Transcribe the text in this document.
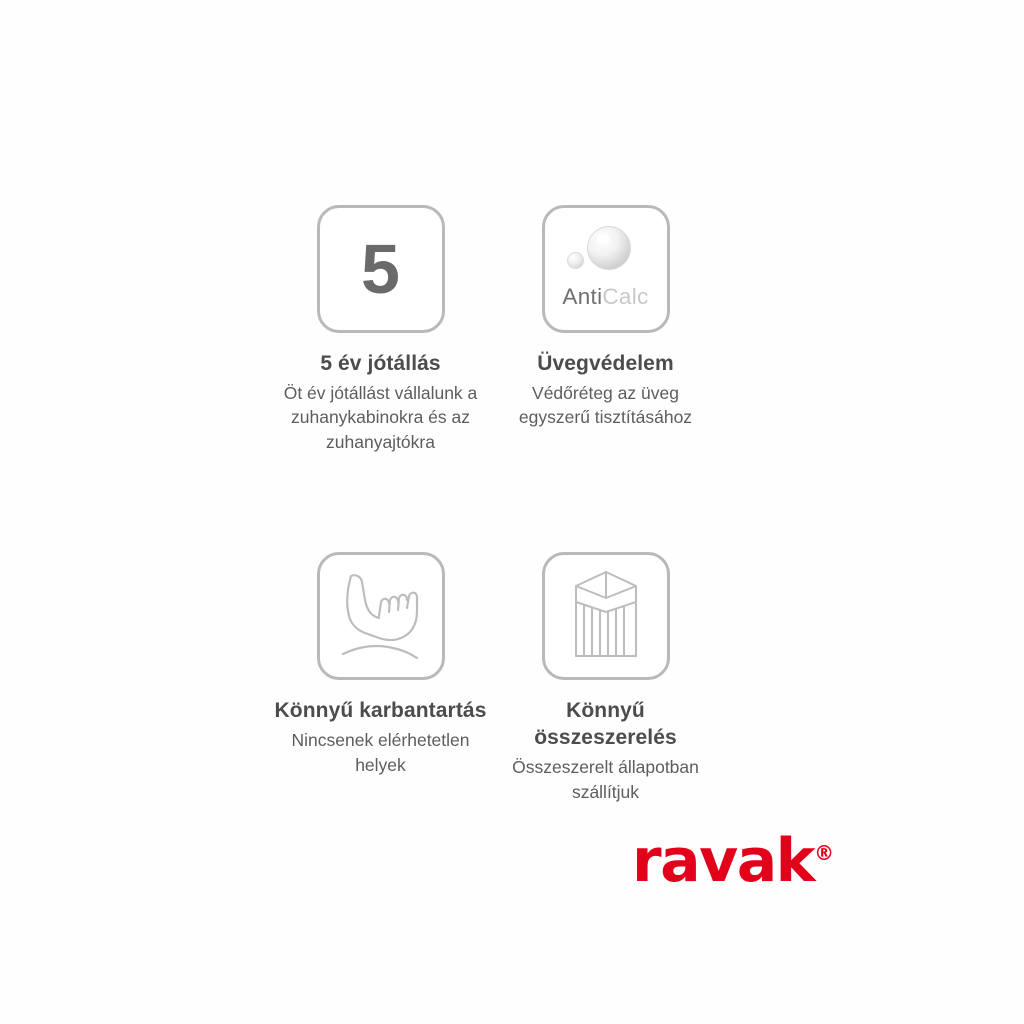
5
5 év jótállás
Öt év jótállást vállalunk a zuhanykabinokra és az zuhanyajtókra
AntiCalc
Üvegvédelem
Védőréteg az üveg egyszerű tisztításához
Könnyű karbantartás
Nincsenek elérhetetlen helyek
Könnyű összeszerelés
Összeszerelt állapotban szállítjuk
ravak®
